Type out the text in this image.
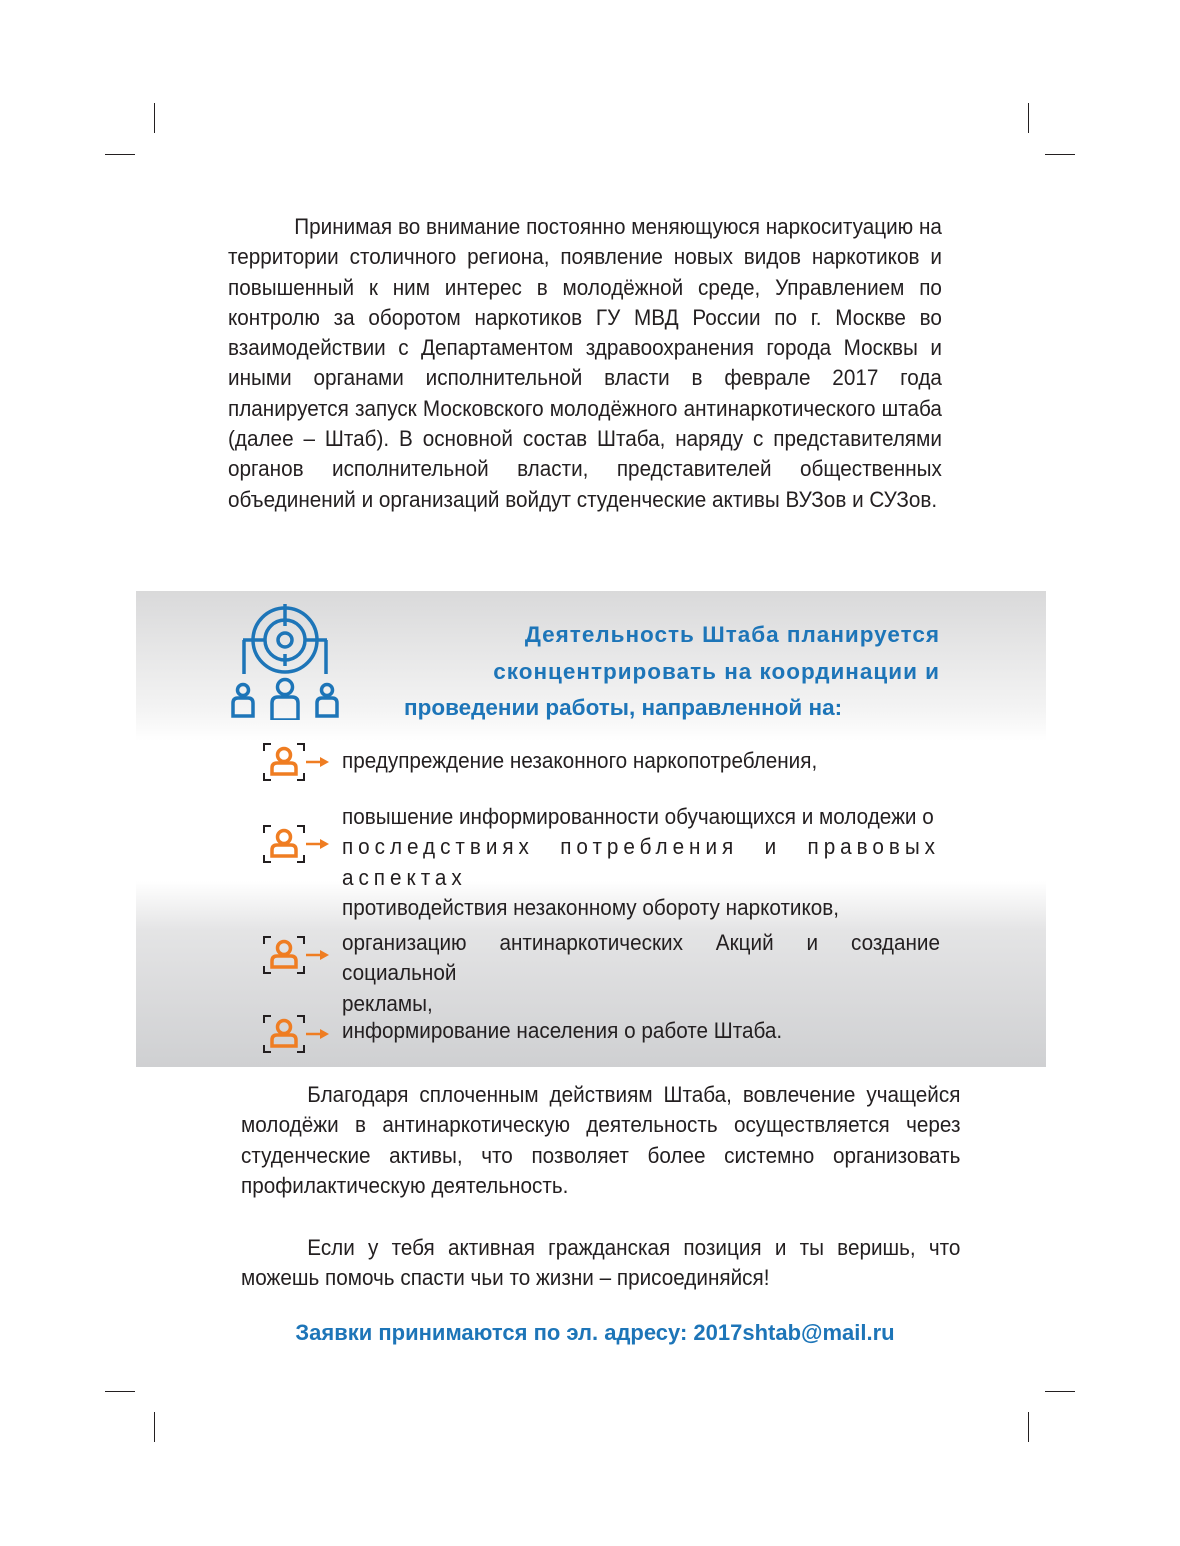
Принимая во внимание постоянно меняющуюся наркоситуацию на территории столичного региона, появление новых видов наркотиков и повышенный к ним интерес в молодёжной среде, Управлением по контролю за оборотом наркотиков ГУ МВД России по г. Москве во взаимодействии с Департаментом здравоохранения города Москвы и иными органами исполнительной власти в феврале 2017 года планируется запуск Московского молодёжного антинаркотического штаба (далее – Штаб). В основной состав Штаба, наряду с представителями органов исполнительной власти, представителей общественных объединений и организаций войдут студенческие активы ВУЗов и СУЗов.

Деятельность Штаба планируется
сконцентрировать на координации и
проведении работы, направленной на:
предупреждение незаконного наркопотребления,
повышение информированности обучающихся и молодежи о
последствиях потребления и правовых аспектах
противодействия незаконному обороту наркотиков,
организацию антинаркотических Акций и создание социальной
рекламы,
информирование населения о работе Штаба.

Благодаря сплоченным действиям Штаба, вовлечение учащейся молодёжи в антинаркотическую деятельность осуществляется через студенческие активы, что позволяет более системно организовать профилактическую деятельность.

Если у тебя активная гражданская позиция и ты веришь, что можешь помочь спасти чьи то жизни – присоединяйся!

Заявки принимаются по эл. адресу: 2017shtab@mail.ru
